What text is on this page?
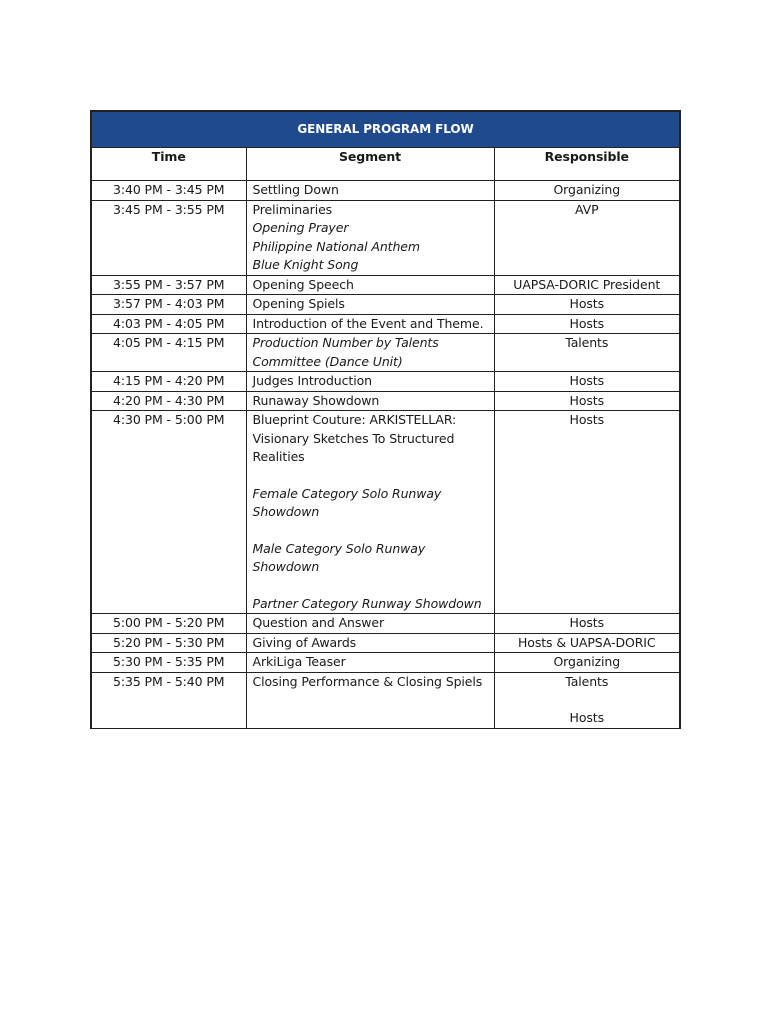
GENERAL PROGRAM FLOW		
Time	Segment	Responsible
3:40 PM - 3:45 PM	Settling Down	Organizing

3:45 PM - 3:55 PM	Preliminaries
Opening Prayer
Philippine National Anthem
Blue Knight Song	AVP

3:55 PM - 3:57 PM	Opening Speech	UAPSA-DORIC President

3:57 PM - 4:03 PM	Opening Spiels	Hosts

4:03 PM - 4:05 PM	Introduction of the Event and Theme.	Hosts

4:05 PM - 4:15 PM	Production Number by Talents Committee (Dance Unit)	Talents

4:15 PM - 4:20 PM	Judges Introduction	Hosts

4:20 PM - 4:30 PM	Runaway Showdown	Hosts

4:30 PM - 5:00 PM	Blueprint Couture: ARKISTELLAR: Visionary Sketches To Structured Realities
Female Category Solo Runway Showdown
Male Category Solo Runway Showdown
Partner Category Runway Showdown	Hosts

5:00 PM - 5:20 PM	Question and Answer	Hosts

5:20 PM - 5:30 PM	Giving of Awards	Hosts & UAPSA-DORIC

5:30 PM - 5:35 PM	ArkiLiga Teaser	Organizing

5:35 PM - 5:40 PM	Closing Performance & Closing Spiels	Talents
Hosts
